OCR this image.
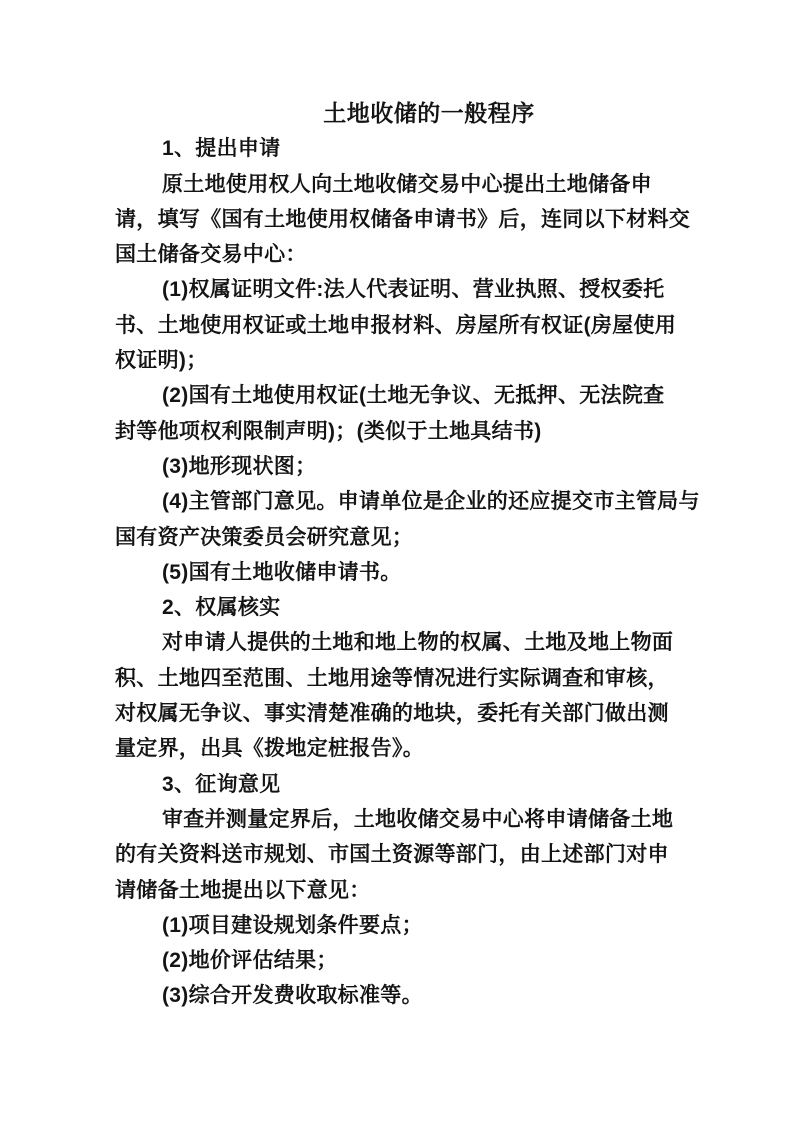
土地收储的一般程序
1、提出申请
原土地使用权人向土地收储交易中心提出土地储备申
请，填写《国有土地使用权储备申请书》后，连同以下材料交
国土储备交易中心：
(1)权属证明文件:法人代表证明、营业执照、授权委托
书、土地使用权证或土地申报材料、房屋所有权证(房屋使用
权证明)；
(2)国有土地使用权证(土地无争议、无抵押、无法院查
封等他项权利限制声明)；(类似于土地具结书)
(3)地形现状图；
(4)主管部门意见。申请单位是企业的还应提交市主管局与
国有资产决策委员会研究意见；
(5)国有土地收储申请书。
2、权属核实
对申请人提供的土地和地上物的权属、土地及地上物面
积、土地四至范围、土地用途等情况进行实际调查和审核，
对权属无争议、事实清楚准确的地块，委托有关部门做出测
量定界，出具《拨地定桩报告》。
3、征询意见
审查并测量定界后，土地收储交易中心将申请储备土地
的有关资料送市规划、市国土资源等部门，由上述部门对申
请储备土地提出以下意见：
(1)项目建设规划条件要点；
(2)地价评估结果；
(3)综合开发费收取标准等。
